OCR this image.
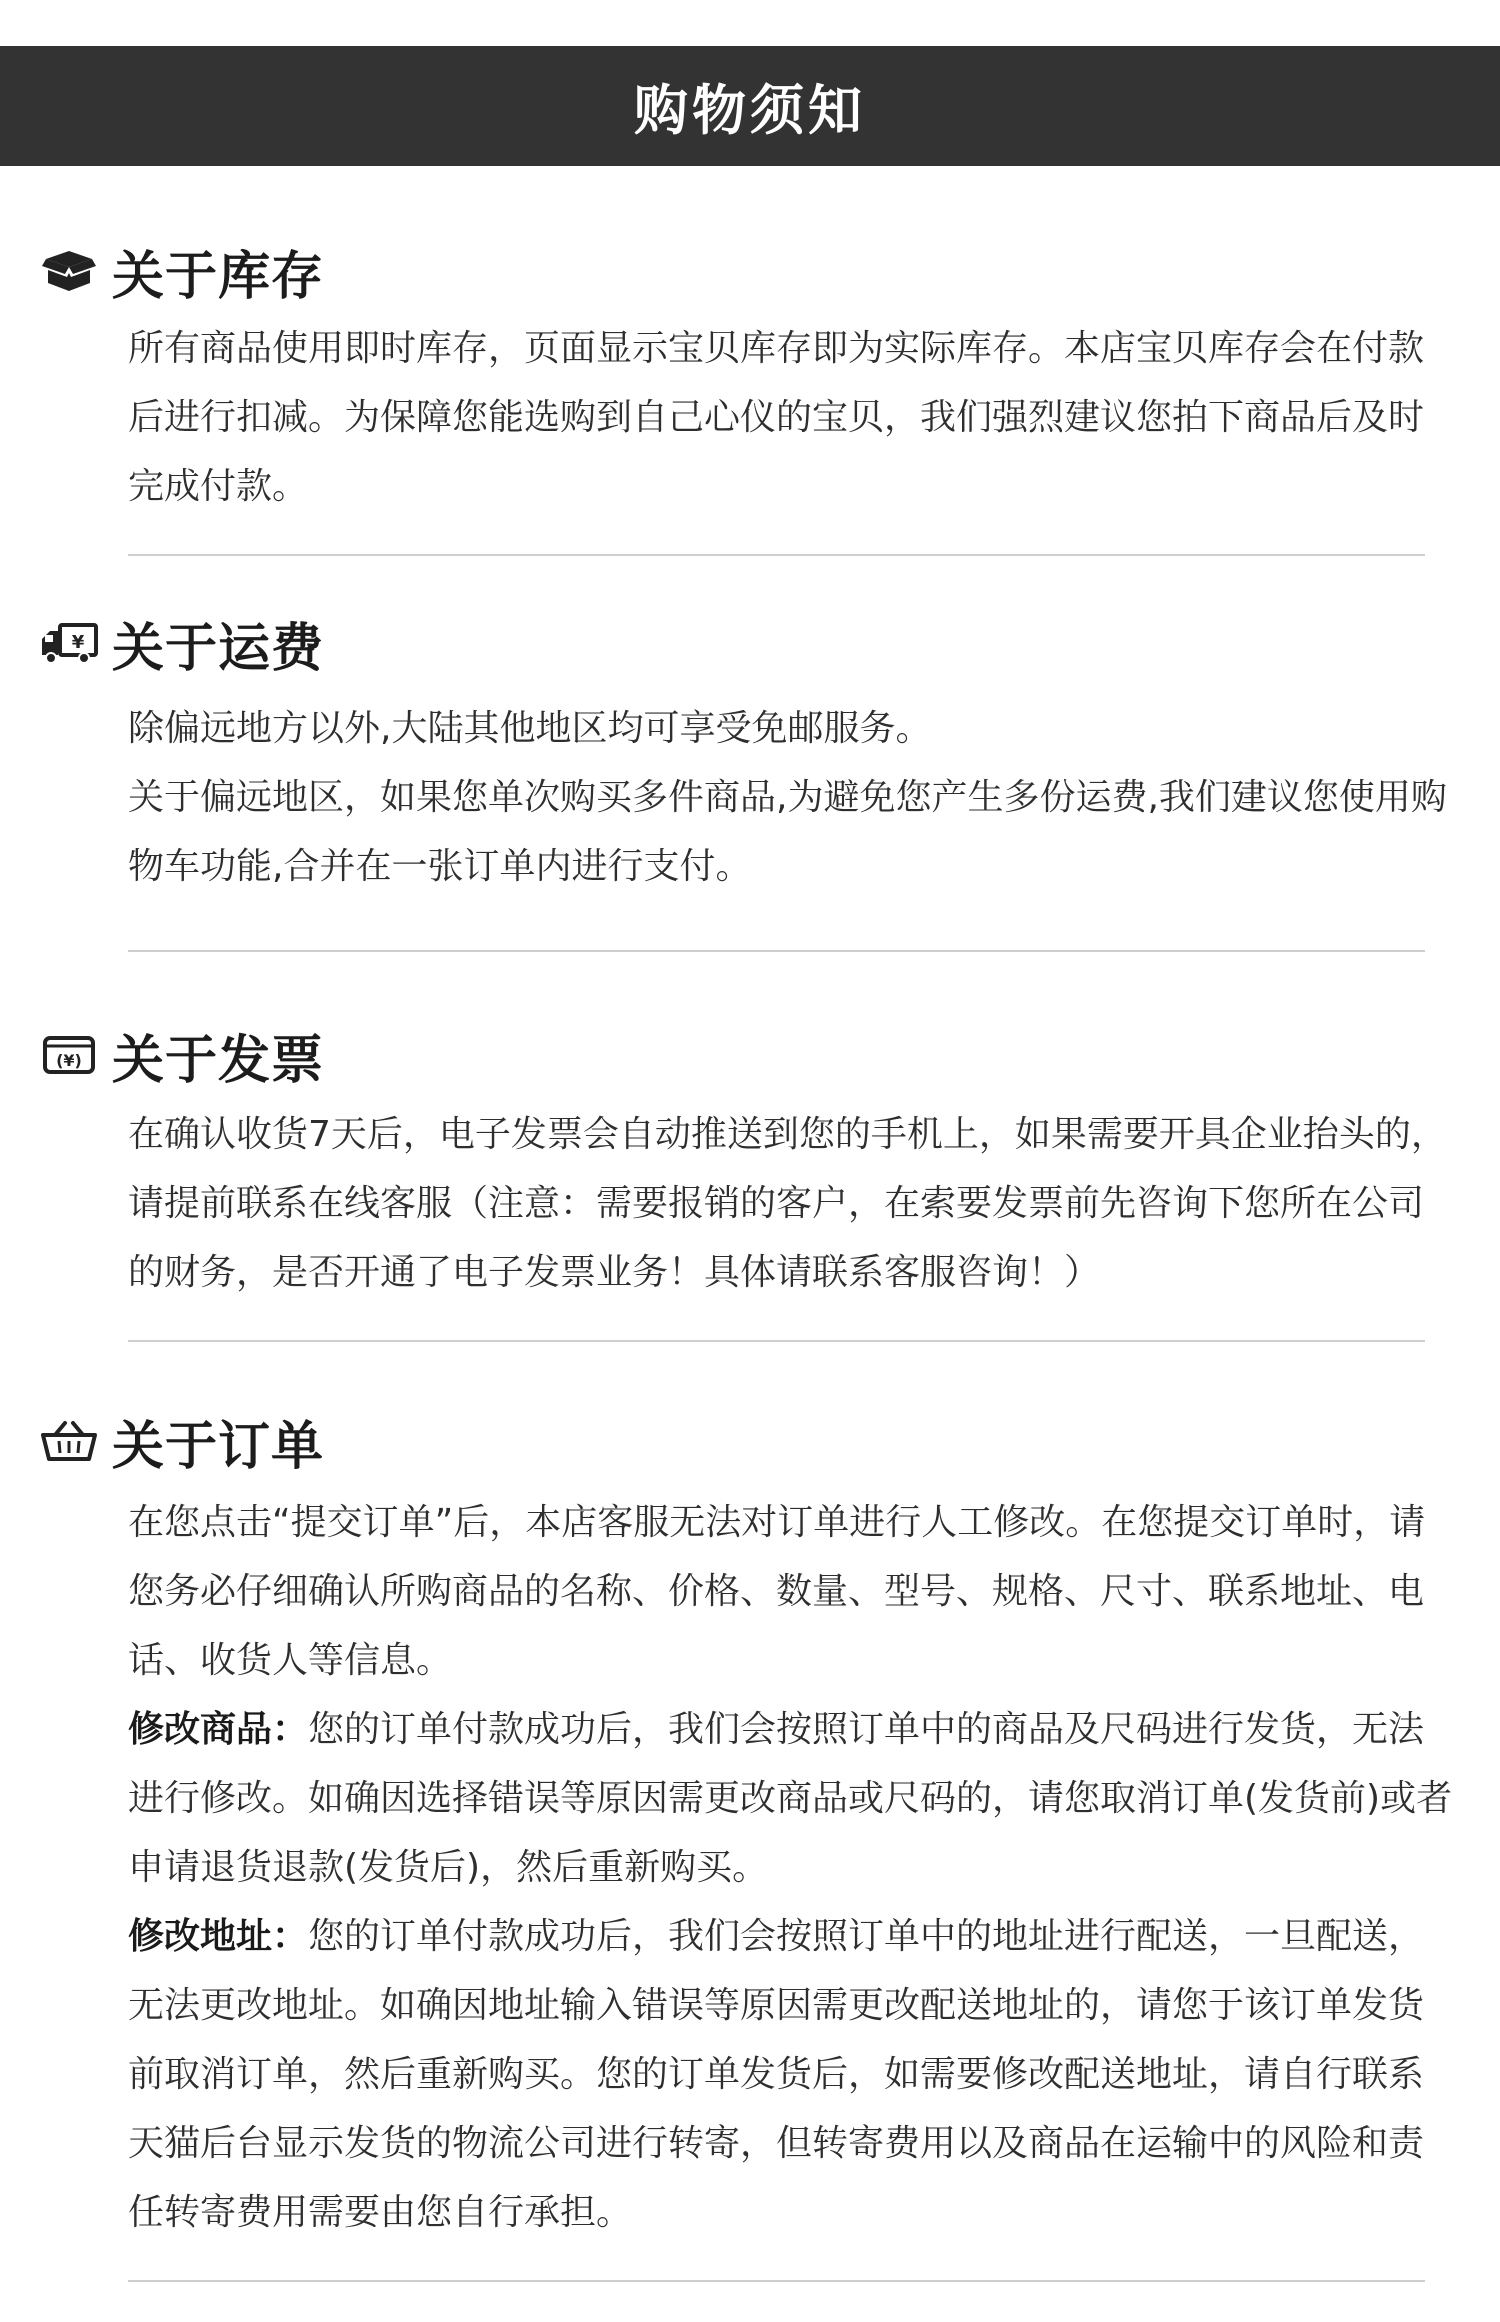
购物须知
关于库存

所有商品使用即时库存，页面显示宝贝库存即为实际库存。本店宝贝库存会在付款后进行扣减。为保障您能选购到自己心仪的宝贝，我们强烈建议您拍下商品后及时完成付款。

¥ 关于运费

除偏远地方以外,大陆其他地区均可享受免邮服务。

关于偏远地区，如果您单次购买多件商品,为避免您产生多份运费,我们建议您使用购物车功能,合并在一张订单内进行支付。

(¥) 关于发票

在确认收货7天后，电子发票会自动推送到您的手机上，如果需要开具企业抬头的，请提前联系在线客服（注意：需要报销的客户，在索要发票前先咨询下您所在公司的财务，是否开通了电子发票业务！具体请联系客服咨询！）

关于订单

在您点击“提交订单”后，本店客服无法对订单进行人工修改。在您提交订单时，请您务必仔细确认所购商品的名称、价格、数量、型号、规格、尺寸、联系地址、电话、收货人等信息。

修改商品：您的订单付款成功后，我们会按照订单中的商品及尺码进行发货，无法进行修改。如确因选择错误等原因需更改商品或尺码的，请您取消订单(发货前)或者申请退货退款(发货后)，然后重新购买。

修改地址：您的订单付款成功后，我们会按照订单中的地址进行配送，一旦配送，无法更改地址。如确因地址输入错误等原因需更改配送地址的，请您于该订单发货前取消订单，然后重新购买。您的订单发货后，如需要修改配送地址，请自行联系天猫后台显示发货的物流公司进行转寄，但转寄费用以及商品在运输中的风险和责任转寄费用需要由您自行承担。
